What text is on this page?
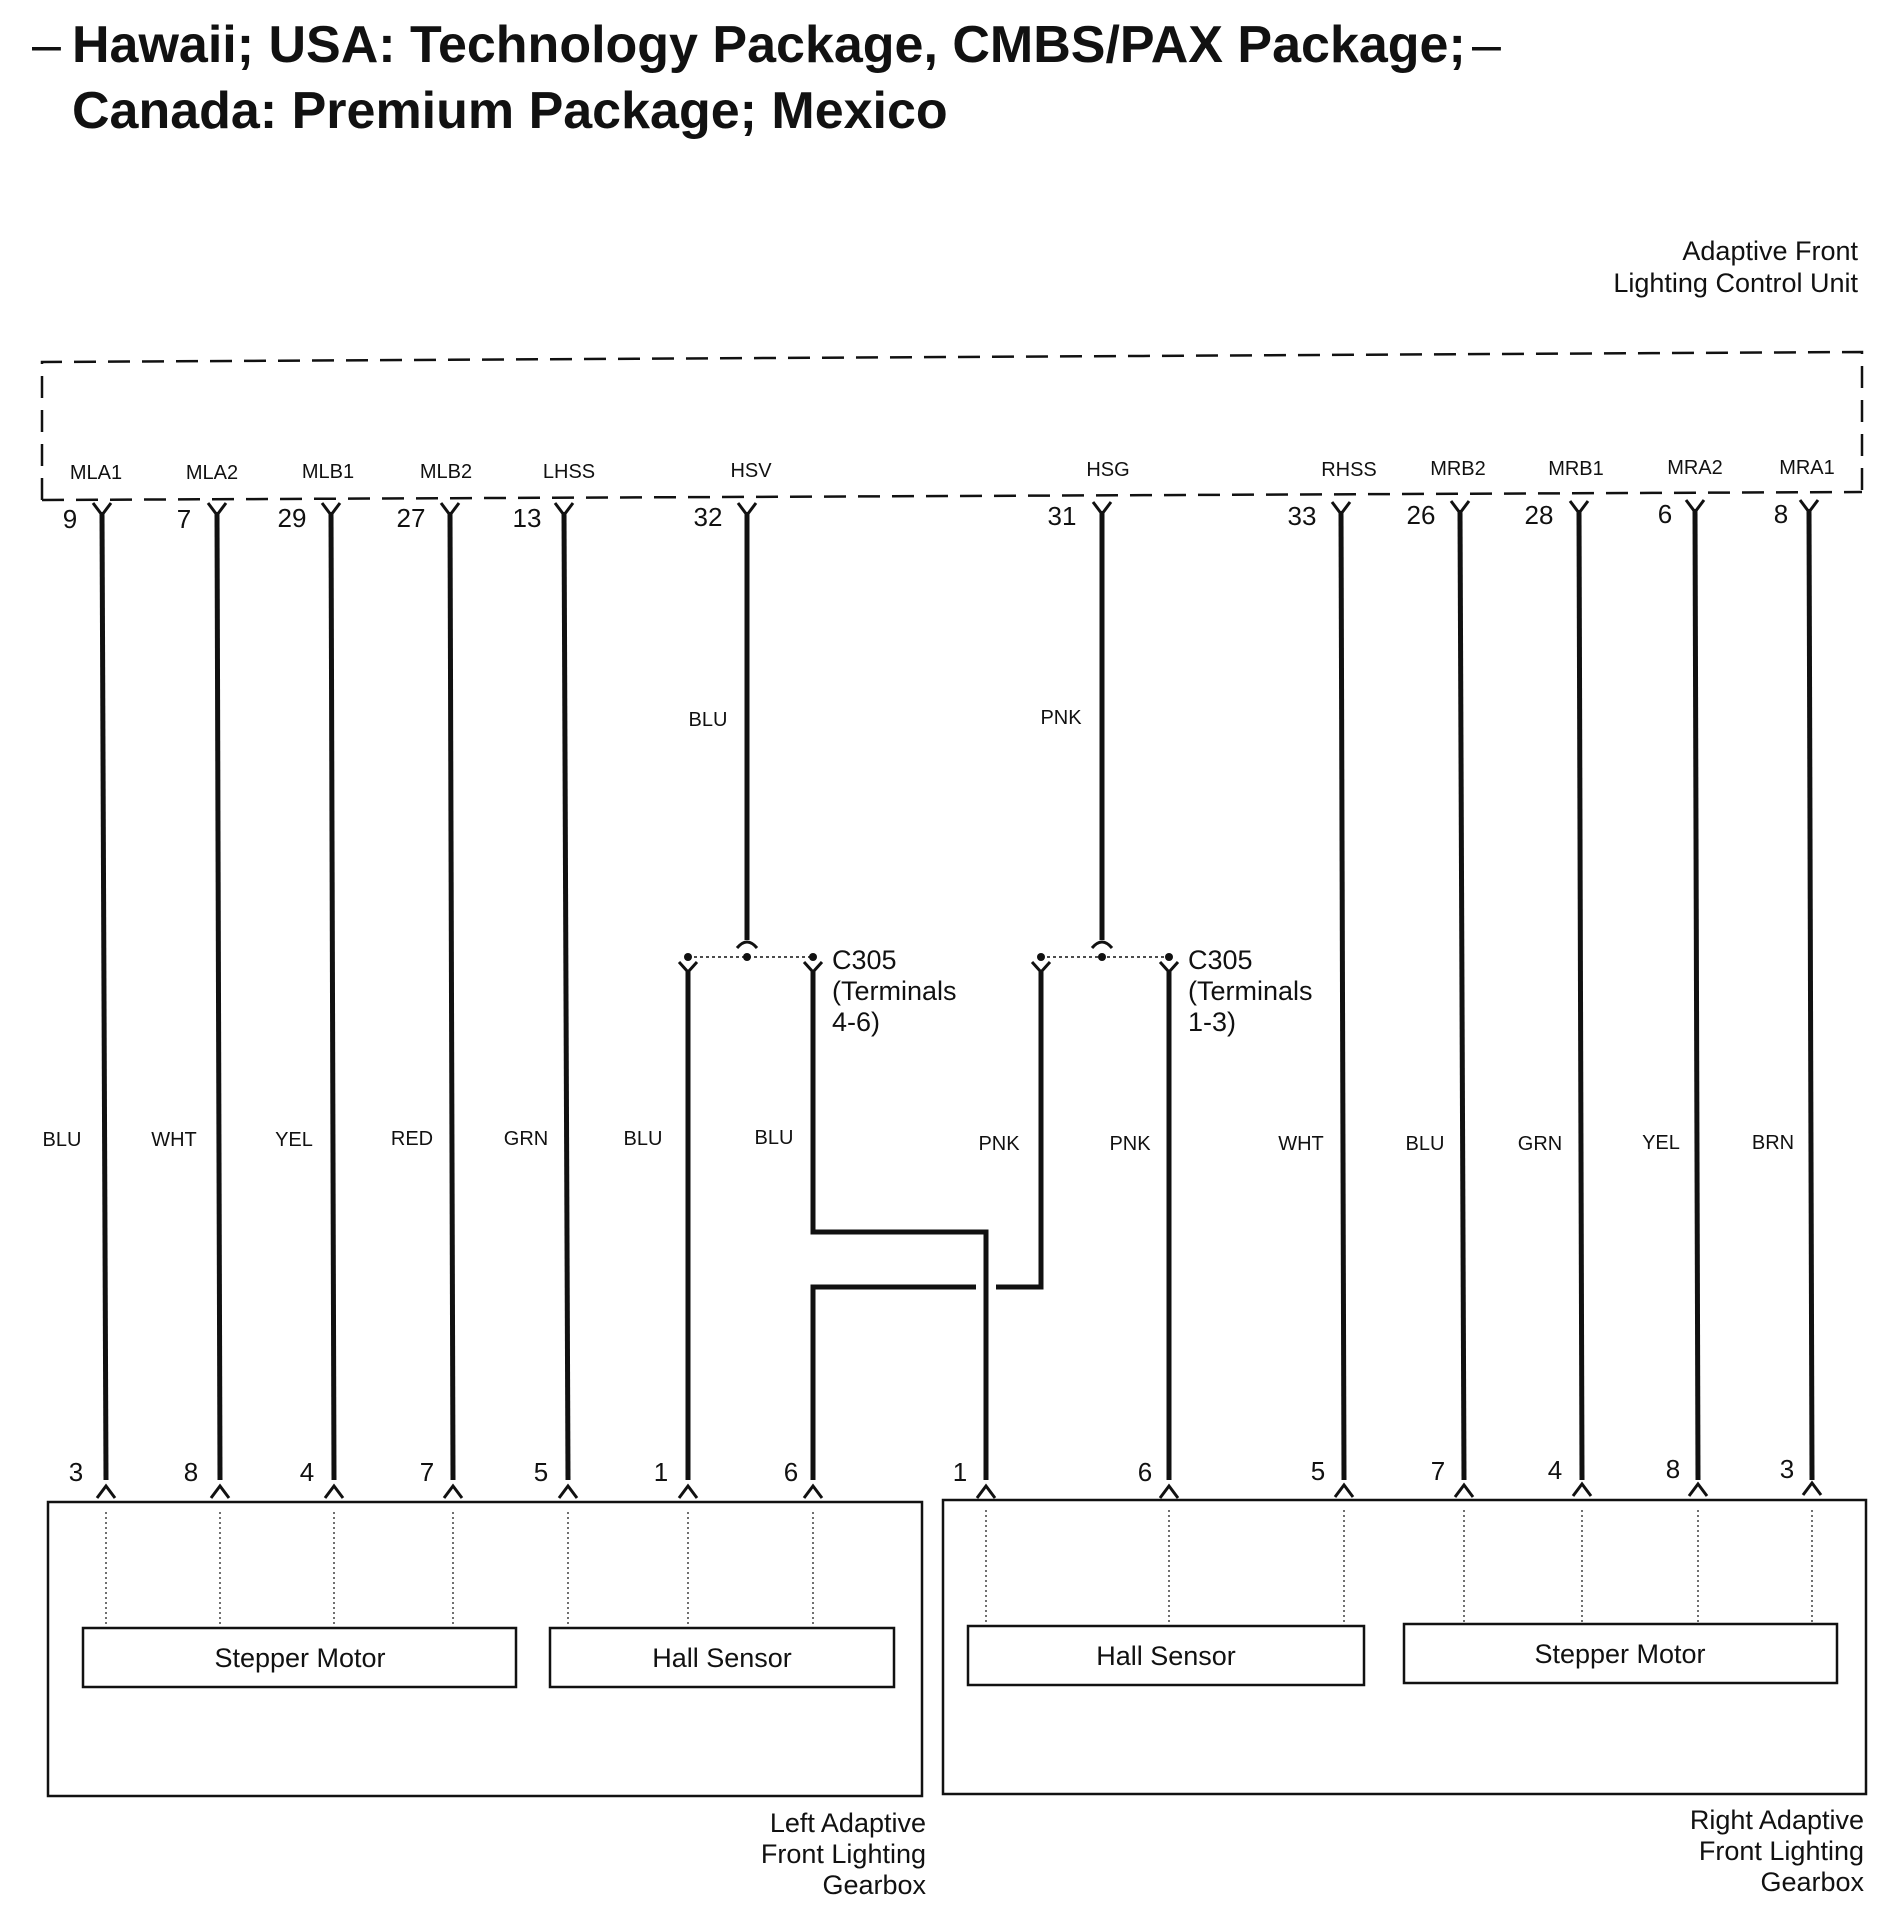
– Hawaii; USA: Technology Package, CMBS/PAX Package; –
Canada: Premium Package; Mexico
Adaptive Front
Lighting Control Unit
MLA1	MLA2	MLB1	MLB2	LHSS	HSV	HSG	RHSS	MRB2	MRB1	MRA2	MRA1
9	7	29	27	13	32	31	33	26	28	6	8
C305
(Terminals
4-6)
C305
(Terminals
1-3)
BLU	PNK
BLU	WHT	YEL	RED	GRN	BLU	BLU	PNK	PNK	WHT	BLU	GRN	YEL	BRN
3	8	4	7	5	1	6	1	6	5	7	4	8	3
Stepper Motor	Hall Sensor
Left Adaptive
Front Lighting
Gearbox
Hall Sensor	Stepper Motor
Right Adaptive
Front Lighting
Gearbox
